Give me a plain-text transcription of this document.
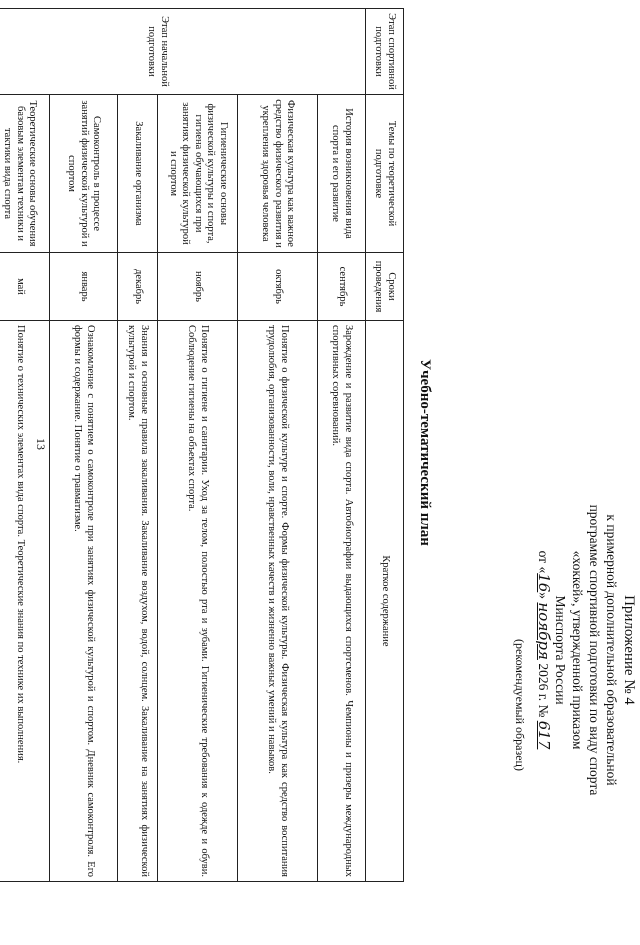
13
Приложение № 4
к примерной дополнительной образовательной
программе спортивной подготовки по виду спорта
«хоккей», утвержденной приказом
Минспорта России
от «16» ноября 2026 г. № 617
(рекомендуемый образец)
Учебно-тематический план
Этап спортивной подготовки	Темы по теоретической подготовке	Сроки проведения	Краткое содержание
Этап начальной подготовки	История возникновения вида спорта и его развитие	сентябрь	Зарождение и развитие вида спорта. Автобиографии выдающихся спортсменов. Чемпионы и призеры международных спортивных соревнований.
	Физическая культура как важное средство физического развития и укрепления здоровья человека	октябрь	Понятие о физической культуре и спорте. Формы физической культуры. Физическая культура как средство воспитания трудолюбия, организованности, воли, нравственных качеств и жизненно важных умений и навыков.
	Гигиенические основы физической культуры и спорта, гигиена обучающихся при занятиях физической культурой и спортом	ноябрь	Понятие о гигиене и санитарии. Уход за телом, полостью рта и зубами. Гигиенические требования к одежде и обуви. Соблюдение гигиены на объектах спорта.
	Закаливание организма	декабрь	Знания и основные правила закаливания. Закаливание воздухом, водой, солнцем. Закаливание на занятиях физической культурой и спортом.
	Самоконтроль в процессе занятий физической культурой и спортом	январь	Ознакомление с понятием о самоконтроле при занятиях физической культурой и спортом. Дневник самоконтроля. Его формы и содержание. Понятие о травматизме.
	Теоретические основы обучения базовым элементам техники и тактики вида спорта	май	Понятие о технических элементах вида спорта. Теоретические знания по технике их выполнения.
